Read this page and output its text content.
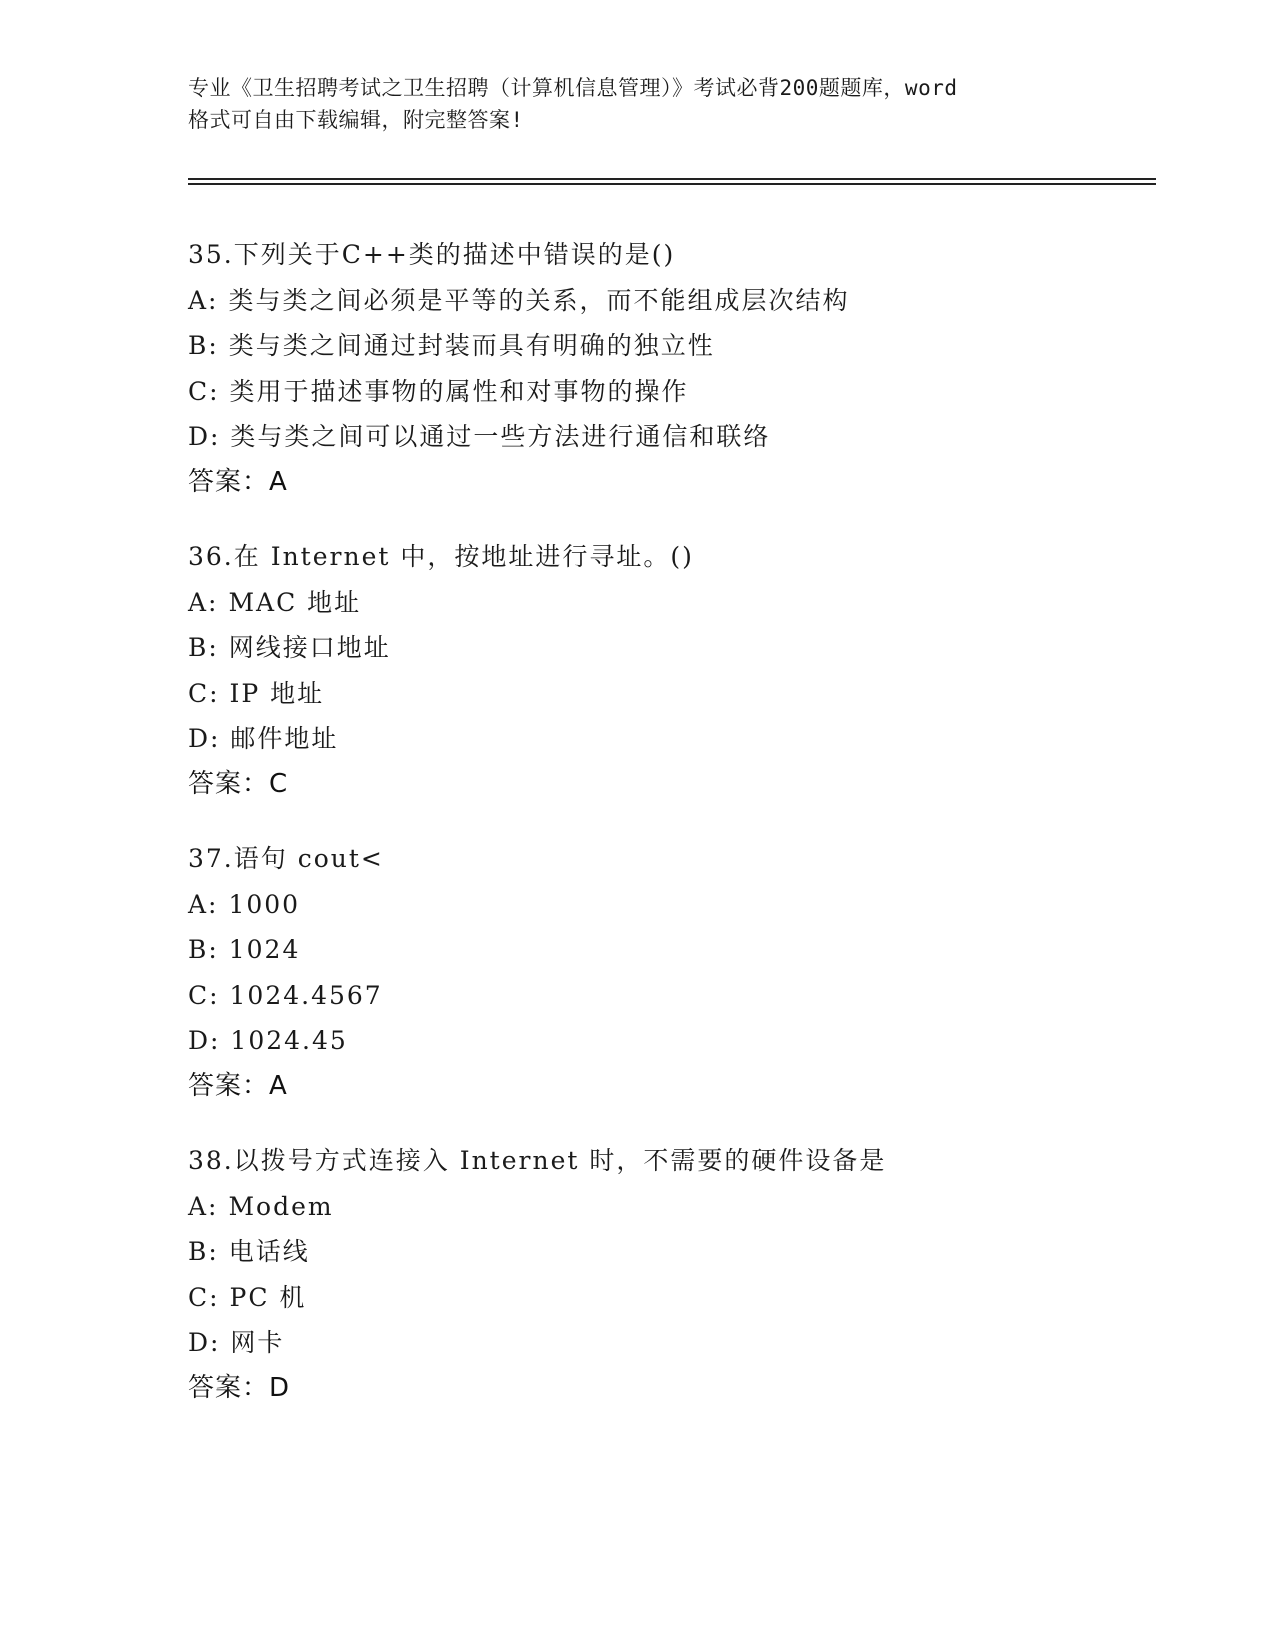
专业《卫生招聘考试之卫生招聘（计算机信息管理）》考试必背200题题库，word
格式可自由下载编辑，附完整答案!
35.下列关于C++类的描述中错误的是()
A: 类与类之间必须是平等的关系，而不能组成层次结构
B: 类与类之间通过封装而具有明确的独立性
C: 类用于描述事物的属性和对事物的操作
D: 类与类之间可以通过一些方法进行通信和联络
答案：A
36.在 Internet 中，按地址进行寻址。()
A: MAC 地址
B: 网线接口地址
C: IP 地址
D: 邮件地址
答案：C
37.语句 cout<
A: 1000
B: 1024
C: 1024.4567
D: 1024.45
答案：A
38.以拨号方式连接入 Internet 时，不需要的硬件设备是
A: Modem
B: 电话线
C: PC 机
D: 网卡
答案：D
